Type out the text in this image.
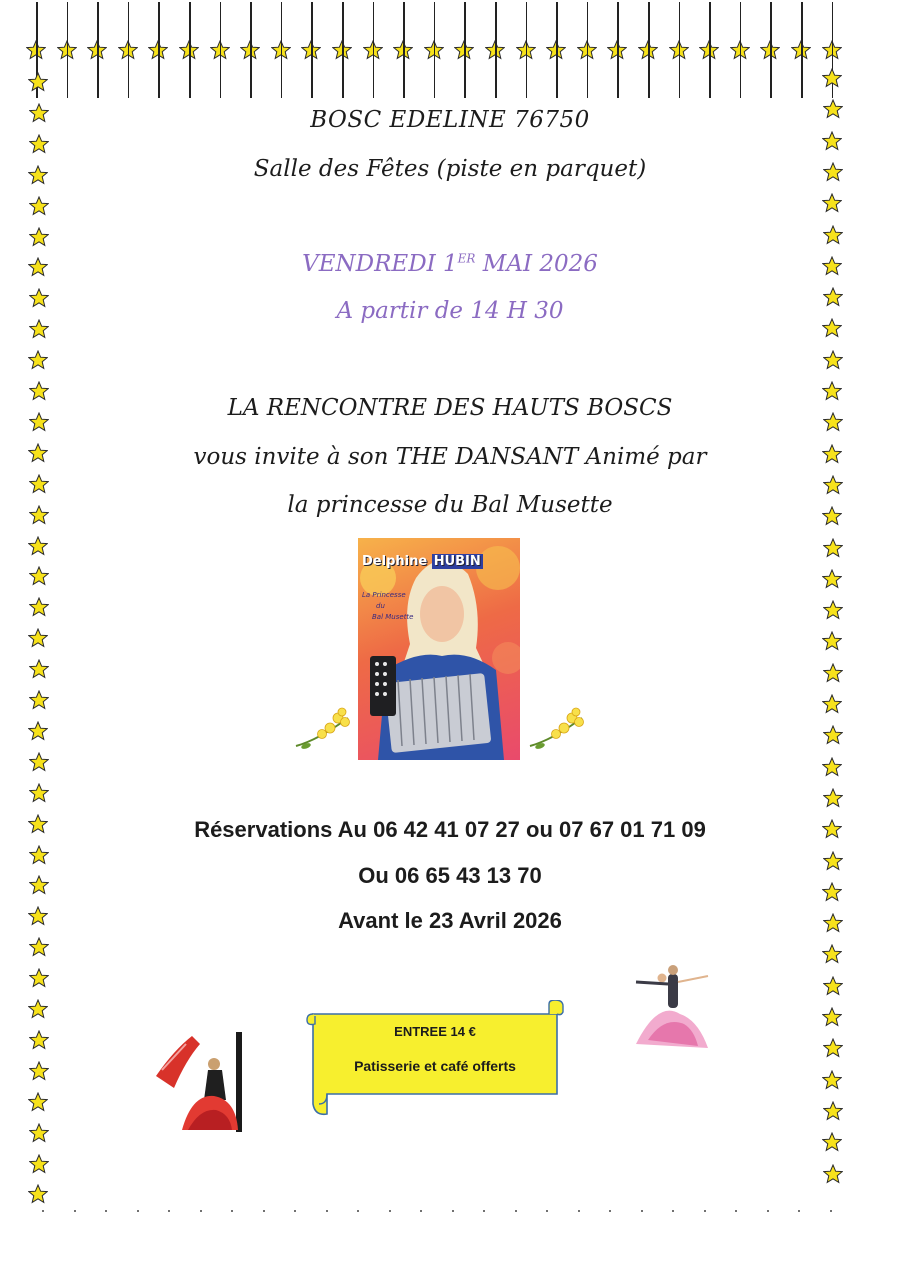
BOSC EDELINE 76750
Salle des Fêtes (piste en parquet)
VENDREDI 1ER MAI 2026
A partir de 14 H 30
LA RENCONTRE DES HAUTS BOSCS
vous invite à son THE DANSANT Animé par
la princesse du Bal Musette
Delphine HUBIN
La Princesse
du
Bal Musette
Réservations Au 06 42 41 07 27 ou 07 67 01 71 09
Ou 06 65 43 13 70
Avant le 23 Avril 2026
ENTREE 14 €
Patisserie et café offerts
